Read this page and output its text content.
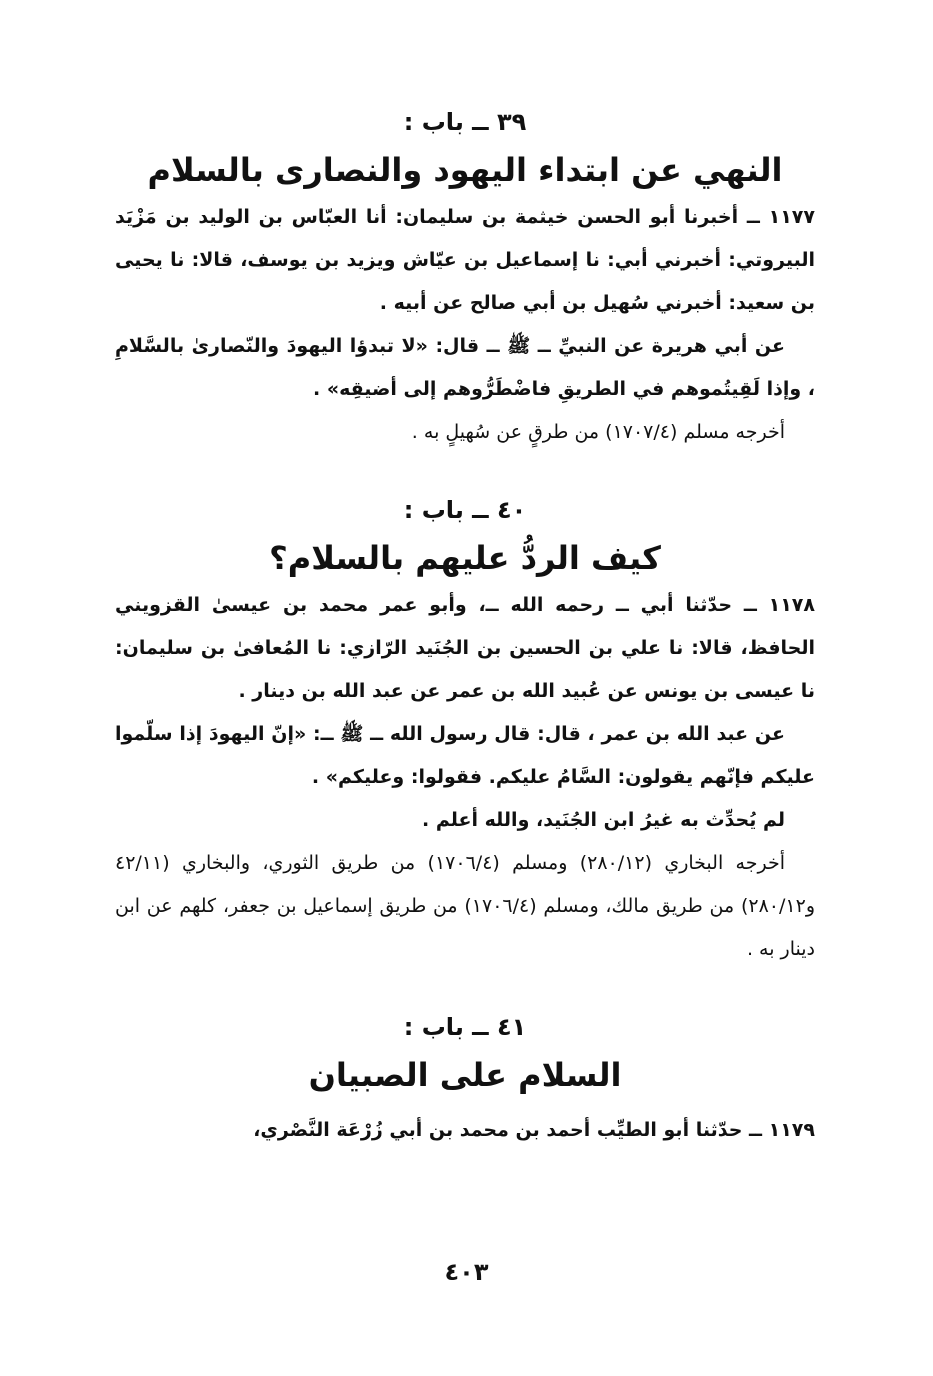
٣٩ ــ باب :
النهي عن ابتداء اليهود والنصارى بالسلام

١١٧٧ ــ أخبرنا أبو الحسن خيثمة بن سليمان: أنا العبّاس بن الوليد بن مَزْيَد البيروتي: أخبرني أبي: نا إسماعيل بن عيّاش ويزيد بن يوسف، قالا: نا يحيى بن سعيد: أخبرني سُهيل بن أبي صالح عن أبيه .

عن أبي هريرة عن النبيِّ ــ ﷺ ــ قال: «لا تبدؤا اليهودَ والنّصارىٰ بالسَّلامِ ، وإذا لَقِيتُموهم في الطريقِ فاضْطَرُّوهم إلى أضيقِه» .

أخرجه مسلم (١٧٠٧/٤) من طرقٍ عن سُهيلٍ به .

٤٠ ــ باب :
كيف الردُّ عليهم بالسلام؟

١١٧٨ ــ حدّثنا أبي ــ رحمه الله ــ، وأبو عمر محمد بن عيسىٰ القزويني الحافظ، قالا: نا علي بن الحسين بن الجُنَيد الرّازي: نا المُعافىٰ بن سليمان: نا عيسى بن يونس عن عُبيد الله بن عمر عن عبد الله بن دينار .

عن عبد الله بن عمر ، قال: قال رسول الله ــ ﷺ ــ: «إنّ اليهودَ إذا سلّموا عليكم فإنّهم يقولون: السَّامُ عليكم. فقولوا: وعليكم» .

لم يُحدِّث به غيرُ ابن الجُنَيد، والله أعلم .

أخرجه البخاري (٢٨٠/١٢) ومسلم (١٧٠٦/٤) من طريق الثوري، والبخاري (٤٢/١١ و٢٨٠/١٢) من طريق مالك، ومسلم (١٧٠٦/٤) من طريق إسماعيل بن جعفر، كلهم عن ابن دينار به .

٤١ ــ باب :
السلام على الصبيان

١١٧٩ ــ حدّثنا أبو الطيِّب أحمد بن محمد بن أبي زُرْعَة النَّصْري،

٤٠٣
